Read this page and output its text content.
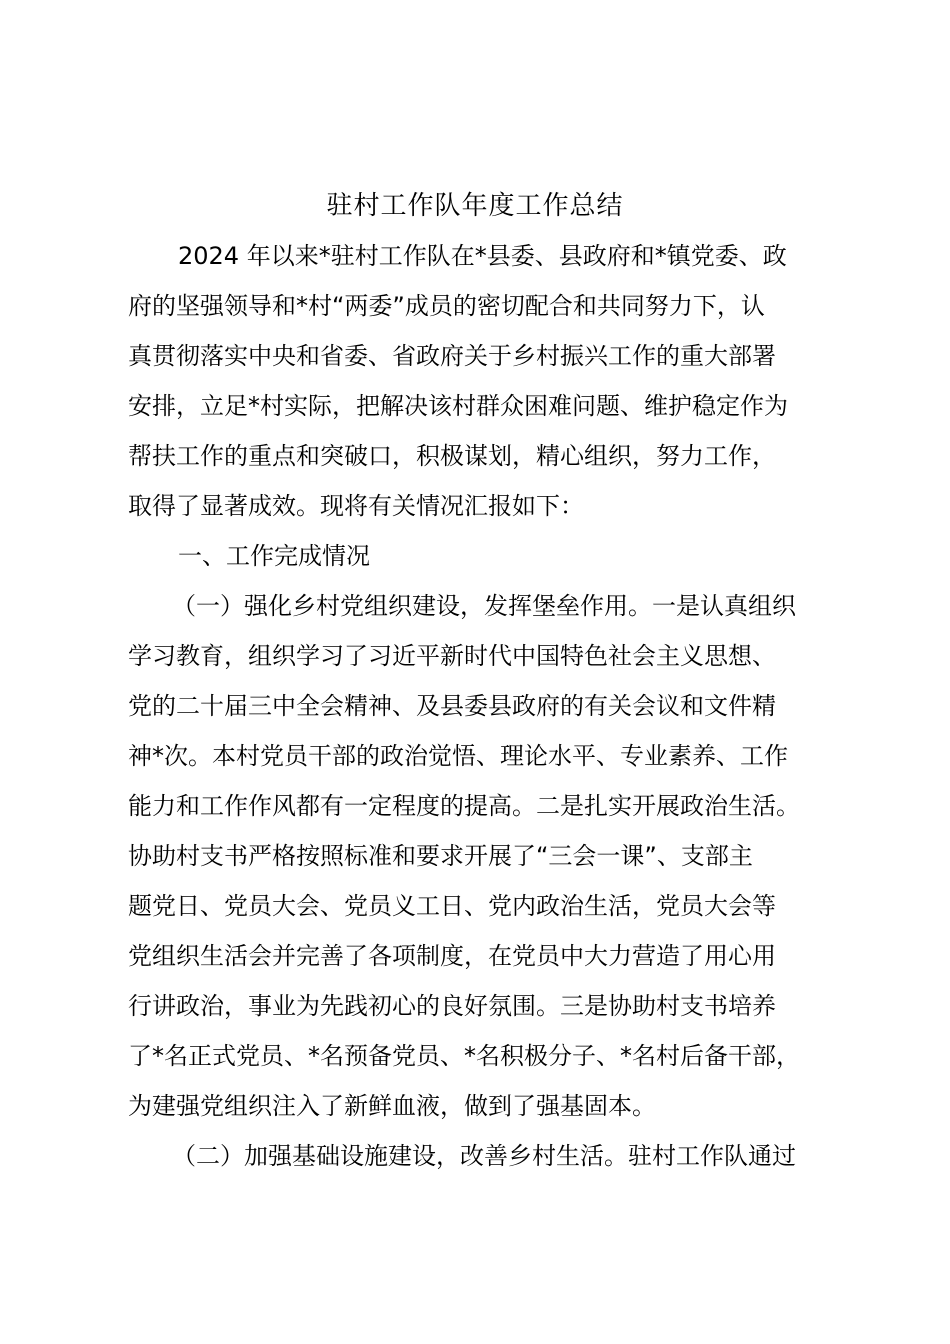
驻村工作队年度工作总结
2024 年以来*驻村工作队在*县委、县政府和*镇党委、政
府的坚强领导和*村“两委”成员的密切配合和共同努力下，认
真贯彻落实中央和省委、省政府关于乡村振兴工作的重大部署
安排，立足*村实际，把解决该村群众困难问题、维护稳定作为
帮扶工作的重点和突破口，积极谋划，精心组织，努力工作，
取得了显著成效。现将有关情况汇报如下：
一、工作完成情况
（一）强化乡村党组织建设，发挥堡垒作用。一是认真组织
学习教育，组织学习了习近平新时代中国特色社会主义思想、
党的二十届三中全会精神、及县委县政府的有关会议和文件精
神*次。本村党员干部的政治觉悟、理论水平、专业素养、工作
能力和工作作风都有一定程度的提高。二是扎实开展政治生活。
协助村支书严格按照标准和要求开展了“三会一课”、支部主
题党日、党员大会、党员义工日、党内政治生活，党员大会等
党组织生活会并完善了各项制度，在党员中大力营造了用心用
行讲政治，事业为先践初心的良好氛围。三是协助村支书培养
了*名正式党员、*名预备党员、*名积极分子、*名村后备干部，
为建强党组织注入了新鲜血液，做到了强基固本。
（二）加强基础设施建设，改善乡村生活。驻村工作队通过
